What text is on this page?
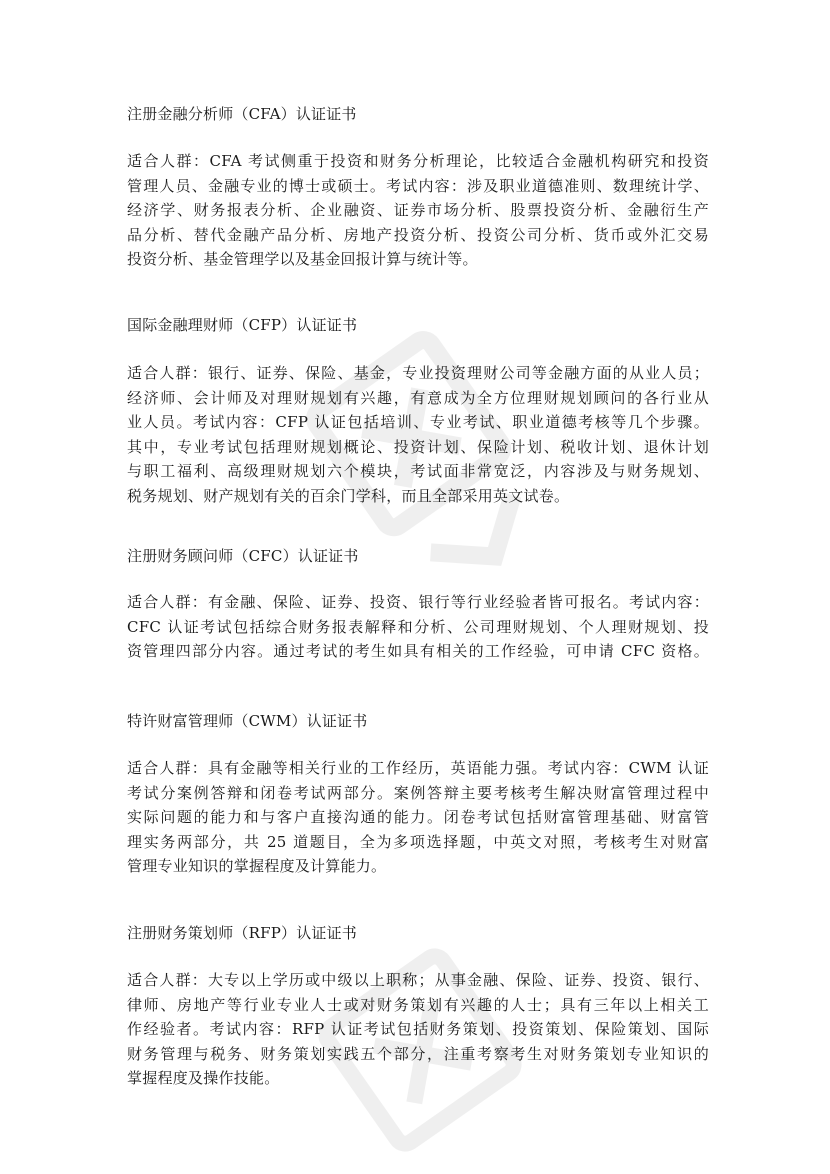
注册金融分析师（CFA）认证证书

适合人群：CFA 考试侧重于投资和财务分析理论，比较适合金融机构研究和投资
管理人员、金融专业的博士或硕士。考试内容：涉及职业道德准则、数理统计学、
经济学、财务报表分析、企业融资、证券市场分析、股票投资分析、金融衍生产
品分析、替代金融产品分析、房地产投资分析、投资公司分析、货币或外汇交易
投资分析、基金管理学以及基金回报计算与统计等。

国际金融理财师（CFP）认证证书

适合人群：银行、证券、保险、基金，专业投资理财公司等金融方面的从业人员；
经济师、会计师及对理财规划有兴趣，有意成为全方位理财规划顾问的各行业从
业人员。考试内容：CFP 认证包括培训、专业考试、职业道德考核等几个步骤。
其中，专业考试包括理财规划概论、投资计划、保险计划、税收计划、退休计划
与职工福利、高级理财规划六个模块，考试面非常宽泛，内容涉及与财务规划、
税务规划、财产规划有关的百余门学科，而且全部采用英文试卷。

注册财务顾问师（CFC）认证证书

适合人群：有金融、保险、证券、投资、银行等行业经验者皆可报名。考试内容：
CFC 认证考试包括综合财务报表解释和分析、公司理财规划、个人理财规划、投
资管理四部分内容。通过考试的考生如具有相关的工作经验，可申请 CFC 资格。

特许财富管理师（CWM）认证证书

适合人群：具有金融等相关行业的工作经历，英语能力强。考试内容：CWM 认证
考试分案例答辩和闭卷考试两部分。案例答辩主要考核考生解决财富管理过程中
实际问题的能力和与客户直接沟通的能力。闭卷考试包括财富管理基础、财富管
理实务两部分，共 25 道题目，全为多项选择题，中英文对照，考核考生对财富
管理专业知识的掌握程度及计算能力。

注册财务策划师（RFP）认证证书

适合人群：大专以上学历或中级以上职称；从事金融、保险、证券、投资、银行、
律师、房地产等行业专业人士或对财务策划有兴趣的人士；具有三年以上相关工
作经验者。考试内容：RFP 认证考试包括财务策划、投资策划、保险策划、国际
财务管理与税务、财务策划实践五个部分，注重考察考生对财务策划专业知识的
掌握程度及操作技能。
